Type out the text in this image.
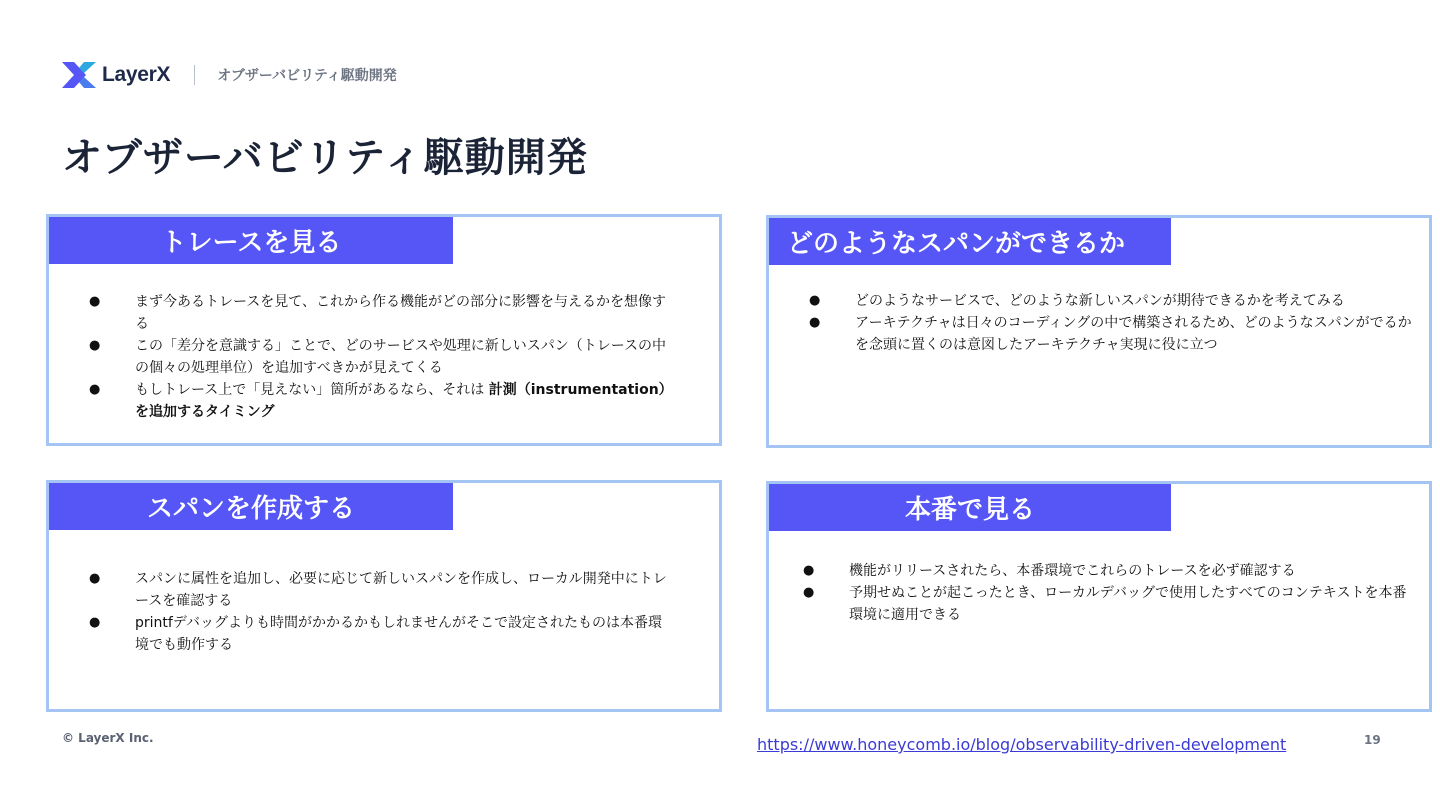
LayerX	オブザーバビリティ駆動開発
オブザーバビリティ駆動開発
トレースを見る
● まず今あるトレースを見て、これから作る機能がどの部分に影響を与えるかを想像する
● この「差分を意識する」ことで、どのサービスや処理に新しいスパン（トレースの中の個々の処理単位）を追加すべきかが見えてくる
● もしトレース上で「見えない」箇所があるなら、それは 計測（instrumentation）を追加するタイミング
どのようなスパンができるか
● どのようなサービスで、どのような新しいスパンが期待できるかを考えてみる
● アーキテクチャは日々のコーディングの中で構築されるため、どのようなスパンがでるかを念頭に置くのは意図したアーキテクチャ実現に役に立つ
スパンを作成する
● スパンに属性を追加し、必要に応じて新しいスパンを作成し、ローカル開発中にトレースを確認する
● printfデバッグよりも時間がかかるかもしれませんがそこで設定されたものは本番環境でも動作する
本番で見る
● 機能がリリースされたら、本番環境でこれらのトレースを必ず確認する
● 予期せぬことが起こったとき、ローカルデバッグで使用したすべてのコンテキストを本番環境に適用できる
© LayerX Inc.	https://www.honeycomb.io/blog/observability-driven-development	19
